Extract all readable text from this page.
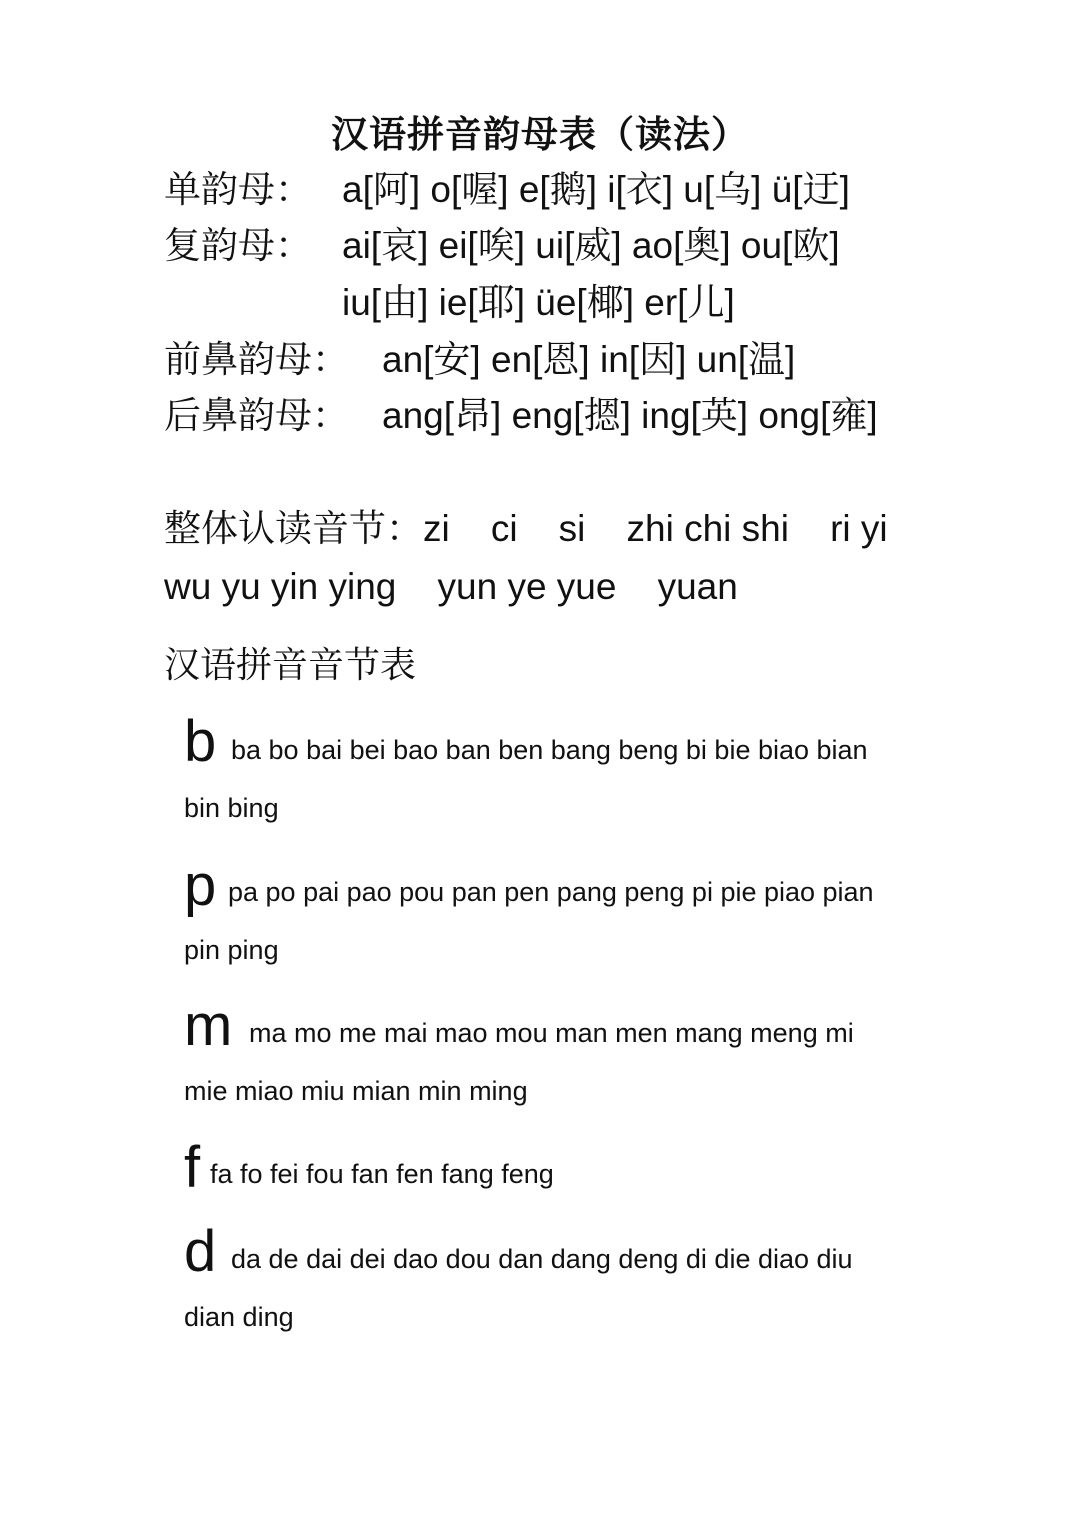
汉语拼音韵母表（读法）
单韵母： a[阿] o[喔] e[鹅] i[衣] u[乌] ü[迂]
复韵母： ai[哀] ei[唉] ui[威] ao[奥] ou[欧]
iu[由] ie[耶] üe[椰] er[儿]
前鼻韵母： an[安] en[恩] in[因] un[温]
后鼻韵母： ang[昂] eng[摁] ing[英] ong[雍]
整体认读音节：zi    ci    si    zhi chi shi    ri yi
wu yu yin ying    yun ye yue    yuan
汉语拼音音节表
b ba bo bai bei bao ban ben bang beng bi bie biao bian
bin bing
p pa po pai pao pou pan pen pang peng pi pie piao pian
pin ping
m ma mo me mai mao mou man men mang meng mi
mie miao miu mian min ming
f fa fo fei fou fan fen fang feng
d da de dai dei dao dou dan dang deng di die diao diu
dian ding
